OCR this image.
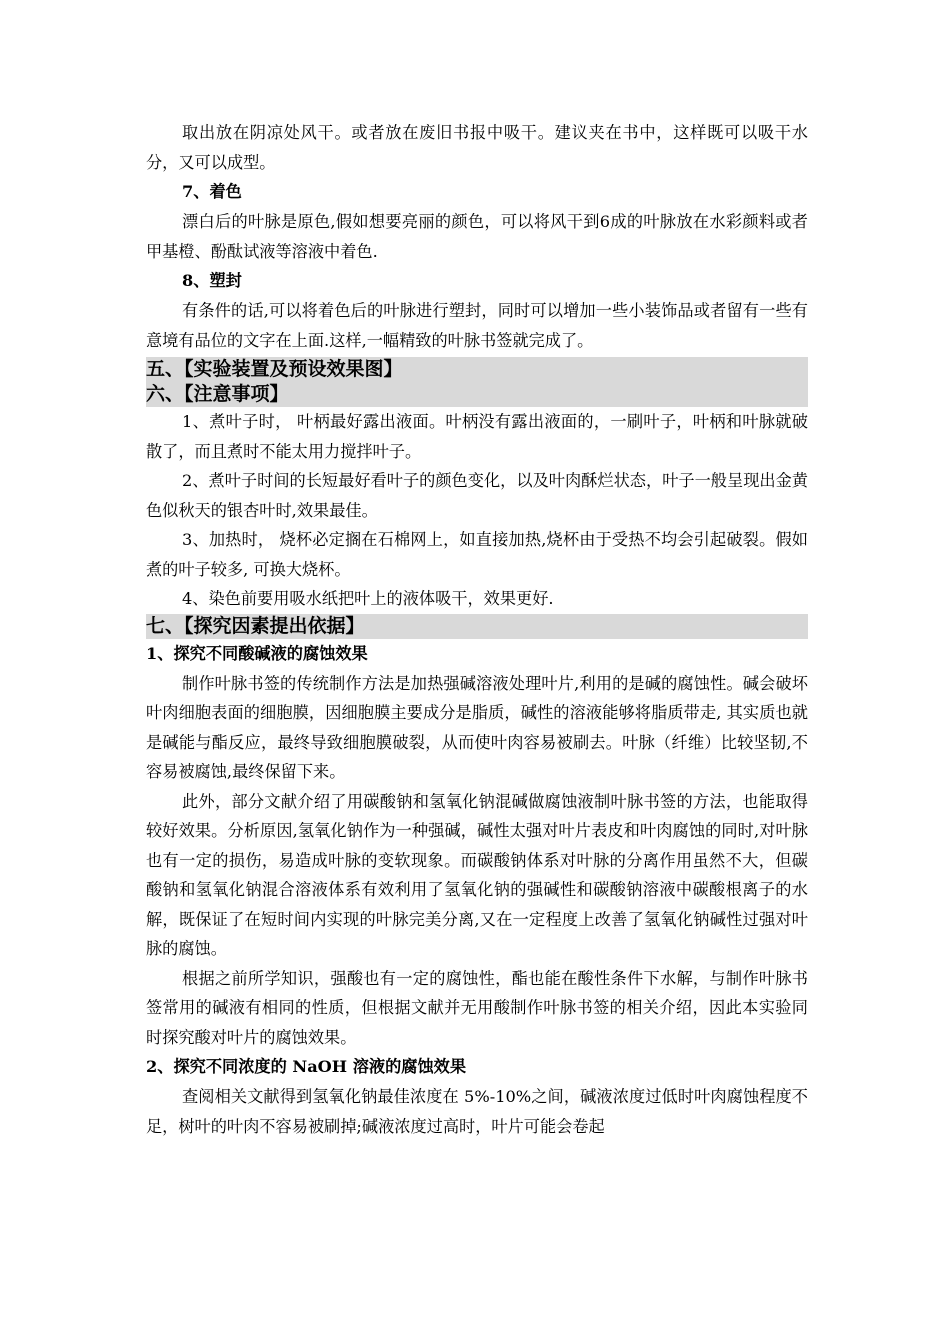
取出放在阴凉处风干。或者放在废旧书报中吸干。建议夹在书中，这样既可以吸干水分，又可以成型。

7、着色

漂白后的叶脉是原色,假如想要亮丽的颜色，可以将风干到6成的叶脉放在水彩颜料或者甲基橙、酚酞试液等溶液中着色.

8、塑封

有条件的话,可以将着色后的叶脉进行塑封，同时可以增加一些小装饰品或者留有一些有意境有品位的文字在上面.这样,一幅精致的叶脉书签就完成了。

五、【实验装置及预设效果图】
六、【注意事项】

1、煮叶子时， 叶柄最好露出液面。叶柄没有露出液面的，一刷叶子，叶柄和叶脉就破散了，而且煮时不能太用力搅拌叶子。

2、煮叶子时间的长短最好看叶子的颜色变化，以及叶肉酥烂状态，叶子一般呈现出金黄色似秋天的银杏叶时,效果最佳。

3、加热时， 烧杯必定搁在石棉网上，如直接加热,烧杯由于受热不均会引起破裂。假如煮的叶子较多, 可换大烧杯。

4、染色前要用吸水纸把叶上的液体吸干，效果更好.

七、【探究因素提出依据】

1、探究不同酸碱液的腐蚀效果

制作叶脉书签的传统制作方法是加热强碱溶液处理叶片,利用的是碱的腐蚀性。碱会破坏叶肉细胞表面的细胞膜，因细胞膜主要成分是脂质，碱性的溶液能够将脂质带走, 其实质也就是碱能与酯反应，最终导致细胞膜破裂，从而使叶肉容易被刷去。叶脉（纤维）比较坚韧,不容易被腐蚀,最终保留下来。

此外，部分文献介绍了用碳酸钠和氢氧化钠混碱做腐蚀液制叶脉书签的方法，也能取得较好效果。分析原因,氢氧化钠作为一种强碱，碱性太强对叶片表皮和叶肉腐蚀的同时,对叶脉也有一定的损伤，易造成叶脉的变软现象。而碳酸钠体系对叶脉的分离作用虽然不大，但碳酸钠和氢氧化钠混合溶液体系有效利用了氢氧化钠的强碱性和碳酸钠溶液中碳酸根离子的水解，既保证了在短时间内实现的叶脉完美分离,又在一定程度上改善了氢氧化钠碱性过强对叶脉的腐蚀。

根据之前所学知识，强酸也有一定的腐蚀性，酯也能在酸性条件下水解，与制作叶脉书签常用的碱液有相同的性质，但根据文献并无用酸制作叶脉书签的相关介绍，因此本实验同时探究酸对叶片的腐蚀效果。

2、探究不同浓度的 NaOH 溶液的腐蚀效果

查阅相关文献得到氢氧化钠最佳浓度在 5%-10%之间，碱液浓度过低时叶肉腐蚀程度不足，树叶的叶肉不容易被刷掉;碱液浓度过高时，叶片可能会卷起
